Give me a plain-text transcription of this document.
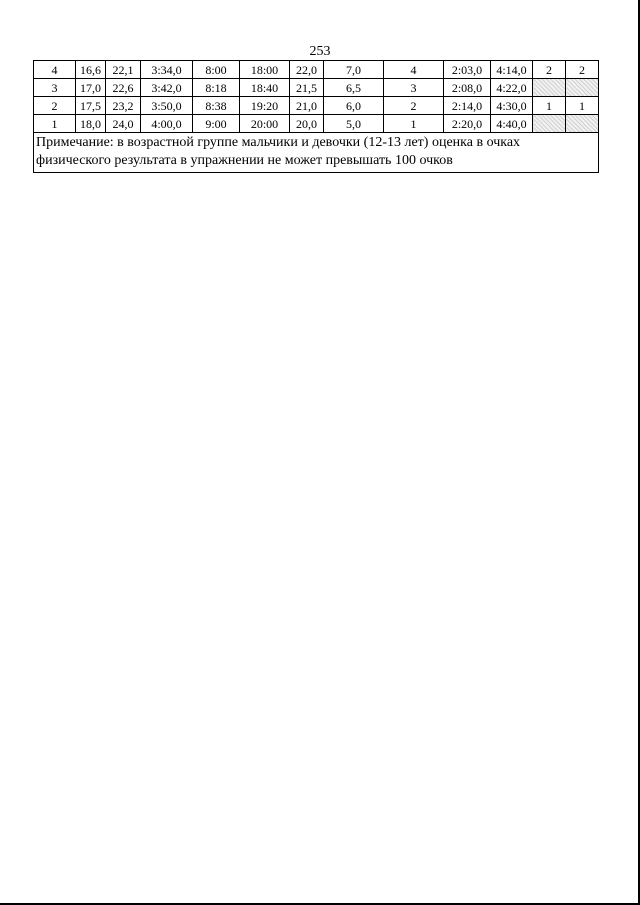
253
4	16,6	22,1	3:34,0	8:00	18:00	22,0	7,0	4	2:03,0	4:14,0	2	2
3	17,0	22,6	3:42,0	8:18	18:40	21,5	6,5	3	2:08,0	4:22,0		
2	17,5	23,2	3:50,0	8:38	19:20	21,0	6,0	2	2:14,0	4:30,0	1	1
1	18,0	24,0	4:00,0	9:00	20:00	20,0	5,0	1	2:20,0	4:40,0		
Примечание: в возрастной группе мальчики и девочки (12-13 лет) оценка в очках физического результата в упражнении не может превышать 100 очков												
